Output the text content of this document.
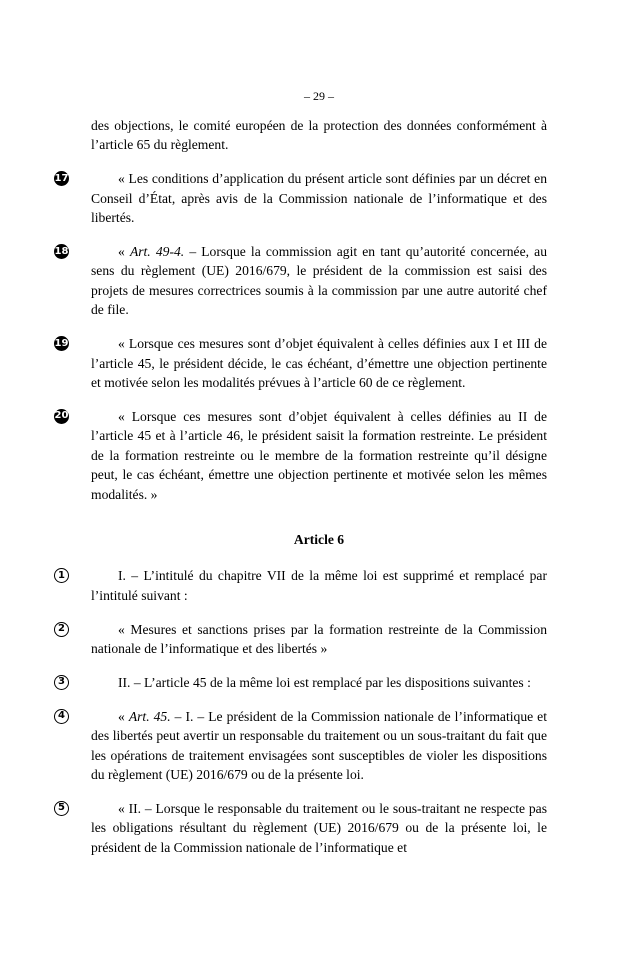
– 29 –

des objections, le comité européen de la protection des données conformément à l’article 65 du règlement.

17	« Les conditions d’application du présent article sont définies par un décret en Conseil d’État, après avis de la Commission nationale de l’informatique et des libertés.

18	« Art. 49-4. – Lorsque la commission agit en tant qu’autorité concernée, au sens du règlement (UE) 2016/679, le président de la commission est saisi des projets de mesures correctrices soumis à la commission par une autre autorité chef de file.

19	« Lorsque ces mesures sont d’objet équivalent à celles définies aux I et III de l’article 45, le président décide, le cas échéant, d’émettre une objection pertinente et motivée selon les modalités prévues à l’article 60 de ce règlement.

20	« Lorsque ces mesures sont d’objet équivalent à celles définies au II de l’article 45 et à l’article 46, le président saisit la formation restreinte. Le président de la formation restreinte ou le membre de la formation restreinte qu’il désigne peut, le cas échéant, émettre une objection pertinente et motivée selon les mêmes modalités. »

Article 6

1	I. – L’intitulé du chapitre VII de la même loi est supprimé et remplacé par l’intitulé suivant :

2	« Mesures et sanctions prises par la formation restreinte de la Commission nationale de l’informatique et des libertés »

3	II. – L’article 45 de la même loi est remplacé par les dispositions suivantes :

4	« Art. 45. – I. – Le président de la Commission nationale de l’informatique et des libertés peut avertir un responsable du traitement ou un sous-traitant du fait que les opérations de traitement envisagées sont susceptibles de violer les dispositions du règlement (UE) 2016/679 ou de la présente loi.

5	« II. – Lorsque le responsable du traitement ou le sous-traitant ne respecte pas les obligations résultant du règlement (UE) 2016/679 ou de la présente loi, le président de la Commission nationale de l’informatique et
